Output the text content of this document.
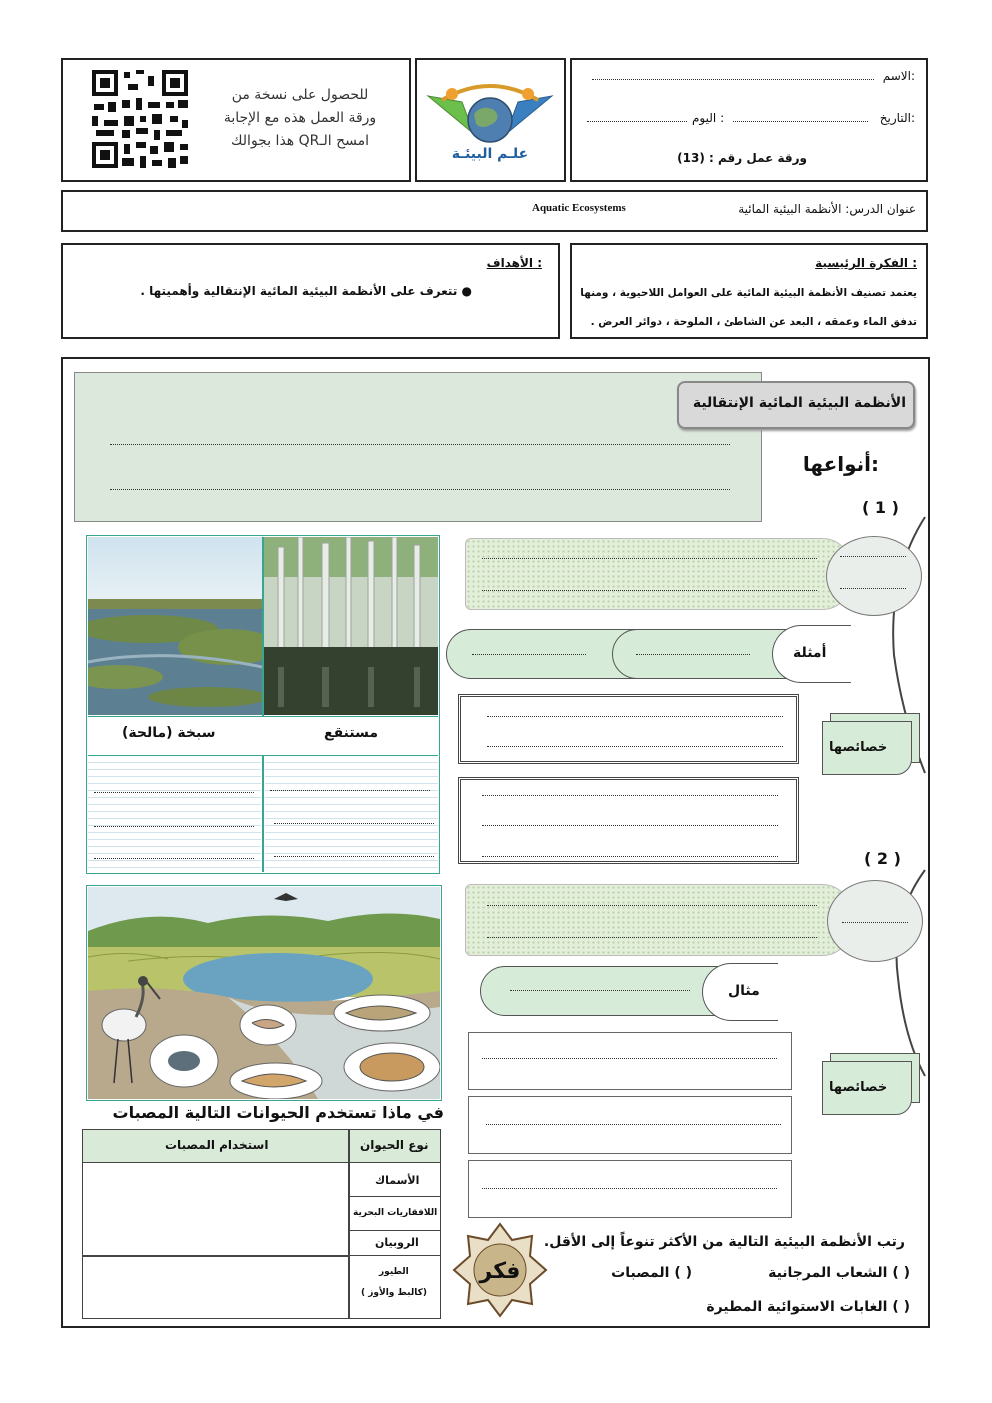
للحصول على نسخة من
ورقة العمل هذه مع الإجابة
امسح الـQR هذا بجوالك
علـم البيئـة
الاسم:
التاريخ:
اليوم :
ورقة عمل رقم : (13)
عنوان الدرس: الأنظمة البيئية المائية
Aquatic Ecosystems
الأهداف :
● تتعرف على الأنظمة البيئية المائية الإنتقالية وأهميتها .
الفكرة الرئيسية :
يعتمد تصنيف الأنظمة البيئية المائية على العوامل اللاحيوية ، ومنها
تدفق الماء وعمقه ، البعد عن الشاطئ ، الملوحة ، دوائر العرض .
الأنظمة البيئية المائية الإنتقالية
أنواعها:
( 1 )
أمثلة
خصائصها
سبخة (مالحة)	مستنقع
( 2 )
مثال
خصائصها
في ماذا تستخدم الحيوانات التالية المصبات
نوع الحيوان
استخدام المصبات
الأسماك
اللافقاريات البحرية
الروبيان
الطيور
( كالبط والأوز)
فكر
رتب الأنظمة البيئية التالية من الأكثر تنوعاً إلى الأقل.
( ) الشعاب المرجانية
( ) المصبات
( ) الغابات الاستوائية المطيرة
